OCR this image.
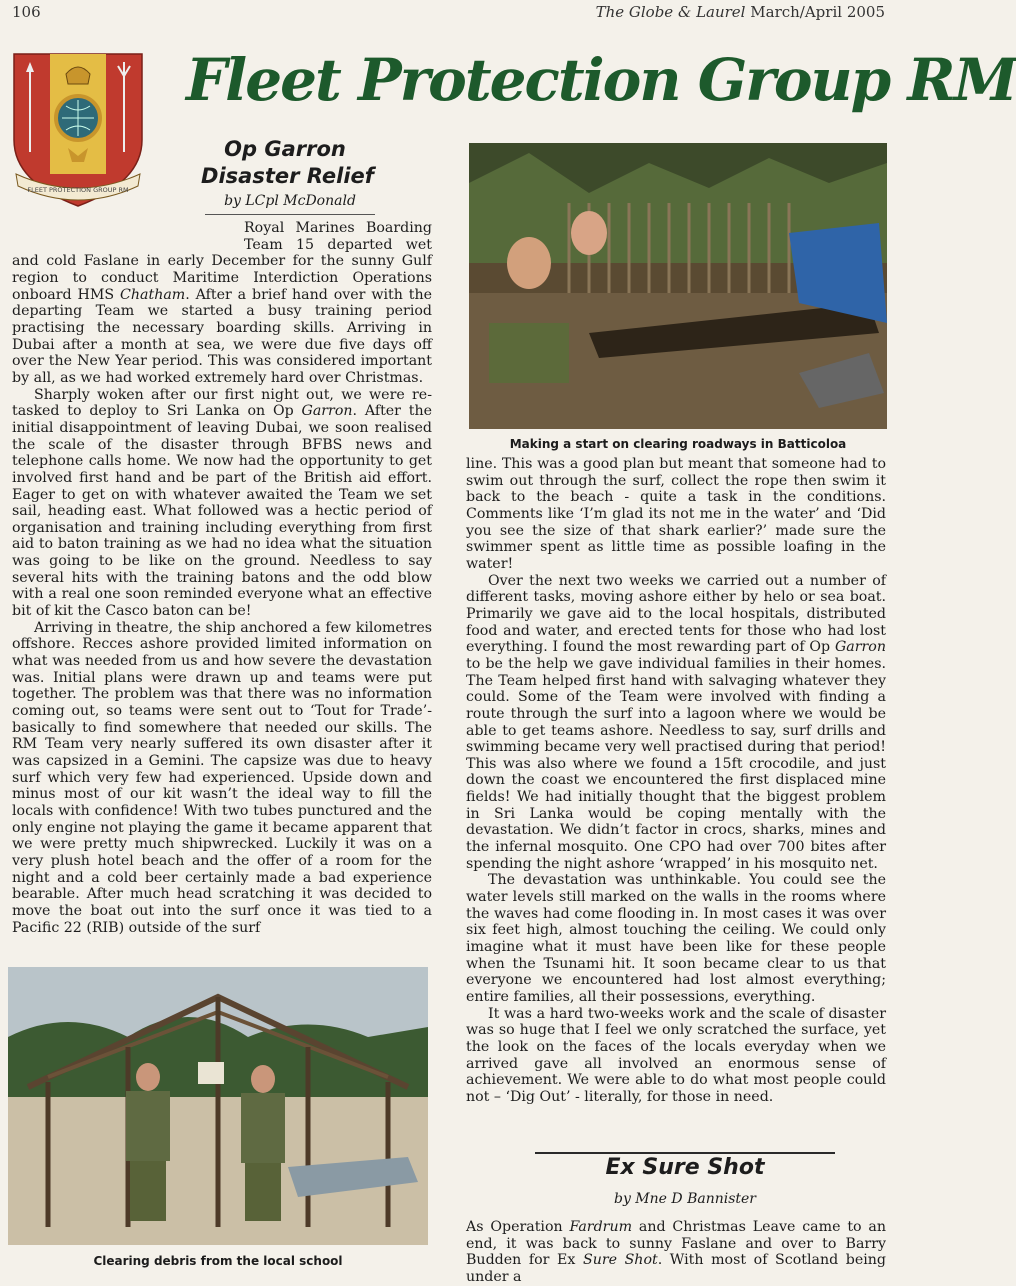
106	The Globe & Laurel March/April 2005
FLEET PROTECTION GROUP RM
Fleet Protection Group RM
Op Garron
Disaster Relief
by LCpl McDonald

Royal Marines Boarding Team 15 departed wet and cold Faslane in early December for the sunny Gulf region to conduct Maritime Interdiction Operations onboard HMS Chatham. After a brief hand over with the departing Team we started a busy training period practising the necessary boarding skills. Arriving in Dubai after a month at sea, we were due five days off over the New Year period. This was considered important by all, as we had worked extremely hard over Christmas.

Sharply woken after our first night out, we were re-tasked to deploy to Sri Lanka on Op Garron. After the initial disappointment of leaving Dubai, we soon realised the scale of the disaster through BFBS news and telephone calls home. We now had the opportunity to get involved first hand and be part of the British aid effort. Eager to get on with whatever awaited the Team we set sail, heading east. What followed was a hectic period of organisation and training including everything from first aid to baton training as we had no idea what the situation was going to be like on the ground. Needless to say several hits with the training batons and the odd blow with a real one soon reminded everyone what an effective bit of kit the Casco baton can be!

Arriving in theatre, the ship anchored a few kilometres offshore. Recces ashore provided limited information on what was needed from us and how severe the devastation was. Initial plans were drawn up and teams were put together. The problem was that there was no information coming out, so teams were sent out to ‘Tout for Trade’- basically to find somewhere that needed our skills. The RM Team very nearly suffered its own disaster after it was capsized in a Gemini. The capsize was due to heavy surf which very few had experienced. Upside down and minus most of our kit wasn’t the ideal way to fill the locals with confidence! With two tubes punctured and the only engine not playing the game it became apparent that we were pretty much shipwrecked. Luckily it was on a very plush hotel beach and the offer of a room for the night and a cold beer certainly made a bad experience bearable. After much head scratching it was decided to move the boat out into the surf once it was tied to a Pacific 22 (RIB) outside of the surf

Making a start on clearing roadways in Batticoloa

line. This was a good plan but meant that someone had to swim out through the surf, collect the rope then swim it back to the beach - quite a task in the conditions. Comments like ‘I’m glad its not me in the water’ and ‘Did you see the size of that shark earlier?’ made sure the swimmer spent as little time as possible loafing in the water!

Over the next two weeks we carried out a number of different tasks, moving ashore either by helo or sea boat. Primarily we gave aid to the local hospitals, distributed food and water, and erected tents for those who had lost everything. I found the most rewarding part of Op Garron to be the help we gave individual families in their homes. The Team helped first hand with salvaging whatever they could. Some of the Team were involved with finding a route through the surf into a lagoon where we would be able to get teams ashore. Needless to say, surf drills and swimming became very well practised during that period! This was also where we found a 15ft crocodile, and just down the coast we encountered the first displaced mine fields! We had initially thought that the biggest problem in Sri Lanka would be coping mentally with the devastation. We didn’t factor in crocs, sharks, mines and the infernal mosquito. One CPO had over 700 bites after spending the night ashore ‘wrapped’ in his mosquito net.

The devastation was unthinkable. You could see the water levels still marked on the walls in the rooms where the waves had come flooding in. In most cases it was over six feet high, almost touching the ceiling. We could only imagine what it must have been like for these people when the Tsunami hit. It soon became clear to us that everyone we encountered had lost almost everything; entire families, all their possessions, everything.

It was a hard two-weeks work and the scale of disaster was so huge that I feel we only scratched the surface, yet the look on the faces of the locals everyday when we arrived gave all involved an enormous sense of achievement. We were able to do what most people could not – ‘Dig Out’ - literally, for those in need.

Clearing debris from the local school
Ex Sure Shot
by Mne D Bannister

As Operation Fardrum and Christmas Leave came to an end, it was back to sunny Faslane and over to Barry Budden for Ex Sure Shot. With most of Scotland being under a
